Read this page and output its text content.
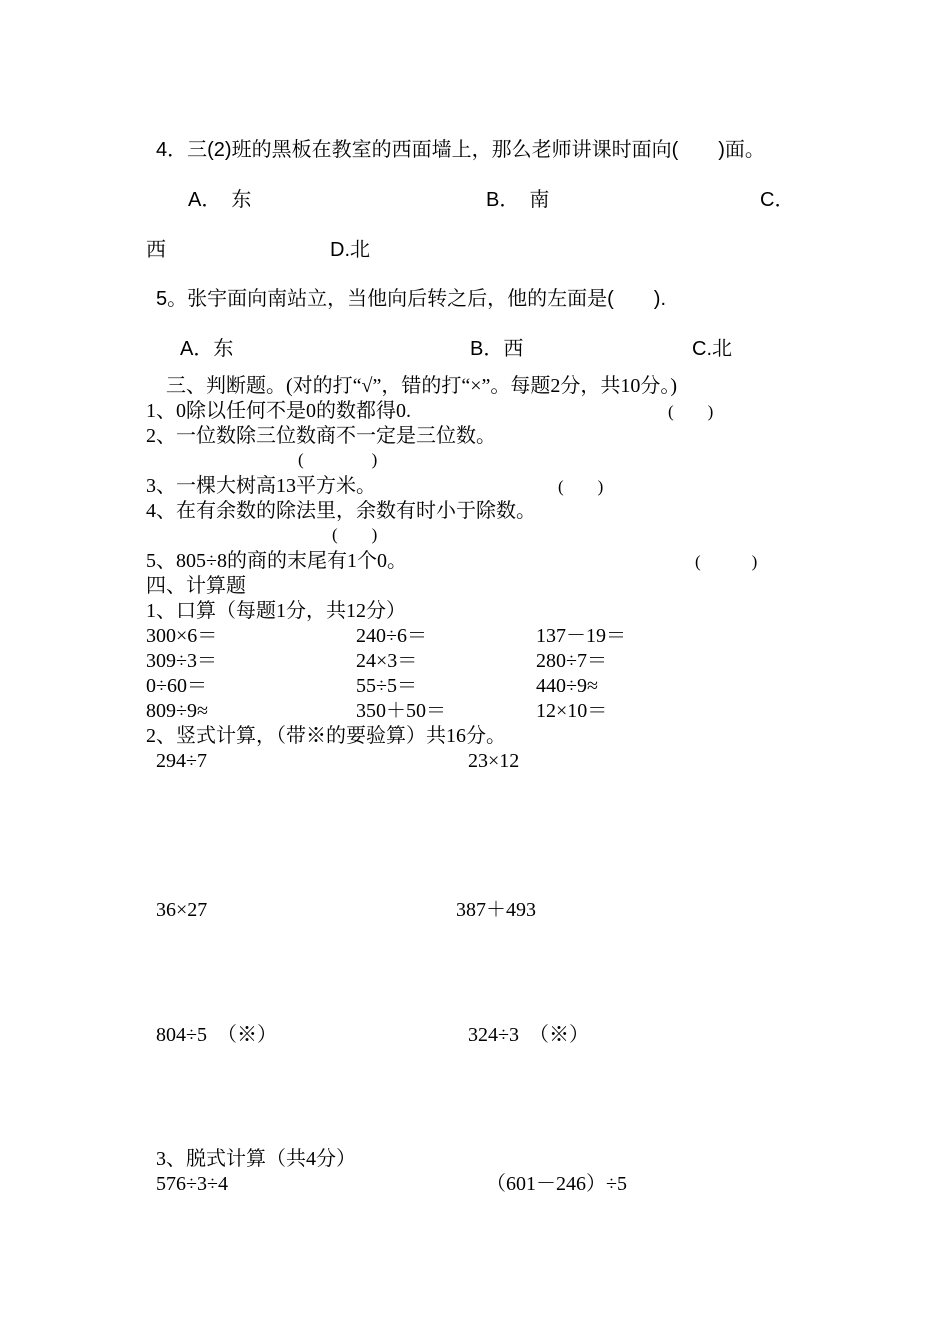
4．三(2)班的黑板在教室的西面墙上，那么老师讲课时面向(　　)面。
A．　东	B．　南	C．
西	D.北
5。张宇面向南站立，当他向后转之后，他的左面是(　　).
A．东	B．西	C.北
三、判断题。(对的打“√”，错的打“×”。每题2分，共10分。)
1、0除以任何不是0的数都得0.	(　　)
2、一位数除三位数商不一定是三位数。
(　　　　)
3、一棵大树高13平方米。	(　　)
4、在有余数的除法里，余数有时小于除数。
(　　)
5、805÷8的商的末尾有1个0。	(　　　)
四、计算题
1、口算（每题1分，共12分）
300×6＝	240÷6＝	137－19＝
309÷3＝	24×3＝	280÷7＝
0÷60＝	55÷5＝	440÷9≈
809÷9≈	350＋50＝	12×10＝
2、竖式计算，（带※的要验算）共16分。
294÷7	23×12
36×27	387＋493
804÷5　（※）	324÷3　（※）
3、脱式计算（共4分）
576÷3÷4	（601－246）÷5
